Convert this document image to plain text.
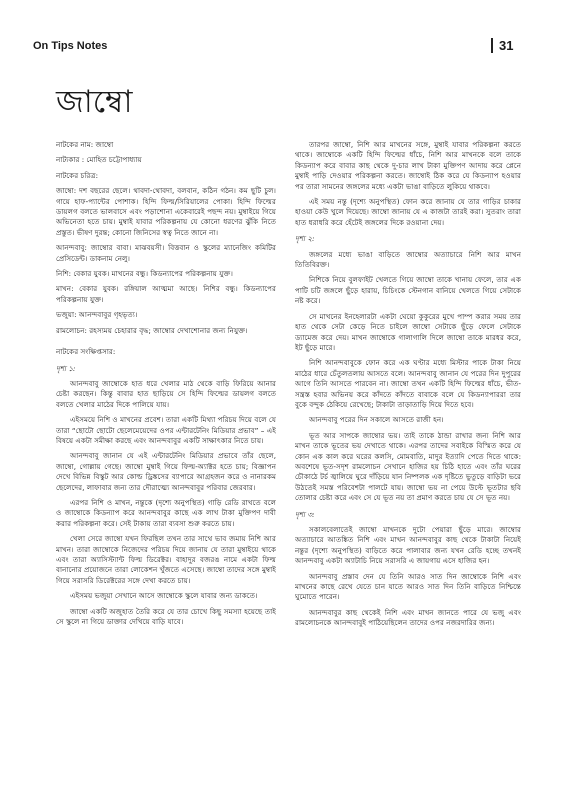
On Tips Notes	31
জাম্বো

নাটকের নাম: জাম্বো

নাট্যকার : মোহিত চট্টোপাধ্যায়

নাটকের চরিত্র:

জাম্বো: দশ বছরের ছেলে। থাবদা-থোবদা, বলবান, কঠিন গঠন। কম ছুটি চুল। গায়ে হাফ-প্যান্টের পোশাক। হিন্দি ফিল্ম/সিরিয়ালের পোকা। হিন্দি ফিল্মের ডায়লগ বলতে ভালবাসে এবং পড়াশোনা একেবারেই পছন্দ নয়। মুম্বাইয়ে গিয়ে অভিনেতা হতে চায়। মুম্বাই যাবার পরিকল্পনায় যে কোনো ধরণের ঝুঁকি নিতে প্রস্তুত। ভীষণ দুরন্ত; কোনো জিনিসের স্বত্ব নিতে জানে না।

আনন্দবাবু: জাম্বোর বাবা। মাঝবয়সী। বিত্তবান ও স্কুলের ম্যানেজিং কমিটির প্রেসিডেন্ট। ডাকনাম নেলু।

নিশি: বেকার যুবক। মাখনের বন্ধু। কিডন্যাপের পরিকল্পনায় যুক্ত।

মাখন: বেকার যুবক। রঙ্গিয়াল আত্মমা আছে। নিশির বন্ধু। কিডন্যাপের পরিকল্পনায় যুক্ত।

ভজুয়া: আনন্দবাবুর গৃহভৃত্য।

রামলোচন: রহস্যময় চেহারার বৃদ্ধ; জাম্বোর দেখাশোনার জন্য নিযুক্ত।

নাটকের সংক্ষিপ্তসার:

দৃশ্য ১:

আনন্দবাবু জাম্বোকে হাত ধরে খেলার মাঠ থেকে বাড়ি ফিরিয়ে আনার চেষ্টা করছেন। কিন্তু বাবার হাত ছাড়িয়ে সে হিন্দি ফিল্মের ডায়লগ বলতে বলতে খেলার মাঠের দিকে পালিয়ে যায়।

এইসময়ে নিশি ও মাখনের প্রবেশ। তারা একটি মিথ্যা পরিচয় দিয়ে বলে যে তারা “ছোটো ছোটো ছেলেমেয়েদের ওপর এন্টারটেনিং মিডিয়ার প্রভাব” – এই বিষয়ে একটা সমীক্ষা করছে এবং আনন্দবাবুর একটি সাক্ষাৎকার নিতে চায়।

আনন্দবাবু জানান যে এই এন্টারটেনিং মিডিয়ার প্রভাবে তাঁর ছেলে, জাম্বো, গোল্লায় গেছে। জাম্বো মুম্বাই গিয়ে ফিল্ম-অ্যাক্টর হতে চায়; বিজ্ঞাপন দেখে বিভিন্ন বিস্কুট আর কোল্ড ড্রিঙ্কসের ব্যাপারে আগ্রহজন করে ও নানারকম ছেলেদের, লাফাবার জন্য তার দৌরাত্ম্যে আনন্দবাবুর পরিবার জেরবার।

এরপর নিশি ও মাখন, নন্তুকে (দৃশ্যে অনুপস্থিত) গাড়ি রেডি রাখতে বলে ও জাম্বোকে কিডন্যাপ করে আনন্দবাবুর কাছে এক লাখ টাকা মুক্তিপণ দাবী করার পরিকল্পনা করে। সেই টাকায় তারা ব্যবসা শুরু করতে চায়।

খেলা সেরে জাম্বো যখন ফিরছিল তখন তার সাথে ভাব জমায় নিশি আর মাখন। তারা জাম্বোকে নিজেদের পরিচয় দিয়ে জানায় যে তারা মুম্বাইয়ে থাকে এবং তারা অ্যাসিস্ট্যান্ট ফিল্ম ডিরেক্টর। বাহাদুর বজরঙ নামে একটা ফিল্ম বানানোর প্রয়োজনে তারা লোকেশন খুঁজতে এসেছে। জাম্বো তাদের সঙ্গে মুম্বাই গিয়ে সরাসরি ডিরেক্টরের সঙ্গে দেখা করতে চায়।

এইসময় ভজুয়া সেখানে আসে জাম্বোকে স্কুলে যাবার জন্য ডাকতে।

জাম্বো একটি অজুহাত তৈরি করে যে তার চোখে কিছু সমস্যা হয়েছে তাই সে স্কুলে না গিয়ে ডাক্তার দেখিয়ে বাড়ি যাবে।

তারপর জাম্বো, নিশি আর মাখনের সঙ্গে, মুম্বাই যাবার পরিকল্পনা করতে থাকে। জাম্বোকে একটি হিন্দি ফিল্মের ধাঁচে, নিশি আর মাখনকে বলে তাকে কিডন্যাপ করে বাবার কাছ থেকে দু-চার লাখ টাকা মুক্তিপণ আদায় করে প্লেনে মুম্বাই পাড়ি দেওয়ার পরিকল্পনা করতে। জাম্বোই ঠিক করে যে কিডন্যাপ হওয়ার পর তারা সামনের জঙ্গলের মধ্যে একটা ভাঙা বাড়িতে লুকিয়ে থাকবে।

এই সময় নন্তু (দৃশ্যে অনুপস্থিত) ফোন করে জানায় যে তার গাড়ির চাকার হাওয়া কেউ খুলে দিয়েছে। জাম্বো জানায় যে এ কাজটা তারই করা। সুতরাং তারা হাত ধরাধরি করে হেঁটেই জঙ্গলের দিকে রওয়ানা দেয়।

দৃশ্য ২:

জঙ্গলের মধ্যে ভাঙা বাড়িতে জাম্বোর অত্যাচারে নিশি আর মাখন তিতিবিরক্ত।

নিশিকে নিয়ে বুলফাইট খেলতে গিয়ে জাম্বো তাকে খানায় ফেলে, তার এক পাটি চটি জঙ্গলে ছুঁড়ে হারায়, চিচিংকে স্টেনগান বানিয়ে খেলতে গিয়ে সেটাকে নষ্ট করে।

সে মাখনের ইনহেলারটা একটা ঘেয়ো কুকুরের মুখে পাম্প করার সময় তার হাত থেকে সেটা কেড়ে নিতে চাইলে জাম্বো সেটাকে ছুঁড়ে ফেলে সেটাকে ড্যামেজ করে দেয়। মাখন জাম্বোকে গালাগালি দিলে জাম্বো তাকে মারধর করে, ইট ছুঁড়ে মারে।

নিশি আনন্দবাবুকে ফোন করে এক ঘণ্টার মধ্যে মিস্টার পাকে টাকা নিয়ে মাঠের ধারে চেঁতুলতলায় আসতে বলে। আনন্দবাবু জানান যে পরের দিন দুপুরের আগে তিনি আসতে পারবেন না। জাম্বো তখন একটি হিন্দি ফিল্মের ধাঁচে, ভীত-সন্ত্রস্ত হবার অভিনয় করে কাঁদতে কাঁদতে বাবাকে বলে যে কিডন্যাপাররা তার বুকে বন্দুক ঠেকিয়ে রেখেছে; টাকাটা তাড়াতাড়ি দিয়ে দিতে হবে।

আনন্দবাবু পরের দিন সকালে আসতে রাজী হন।

ভূত আর সাপকে জাম্বোর ভয়। তাই তাকে ঠান্ডা রাখার জন্য নিশি আর মাখন তাকে ভূতের ভয় দেখাতে থাকে। এরপর তাদের সবাইকে বিস্মিত করে যে কোন এক কাল করে ঘরের কলসি, মোমবাতি, মাদুর ইত্যাদি পেতে দিতে থাকে: অবশেষে ভূত-সদৃশ রামলোচন সেখানে হাজির হয় চিঠি হাতে এবং তাঁর ঘরের চৌকাঠে টর্চ জ্বালিয়ে ঘুরে দাঁড়িয়ে যান নিষ্পলক এক দৃষ্টিতে ভুতুড়ে বাড়িটা ভরে উঠতেই সমস্ত পরিবেশটা পালটে যায়। জাম্বো ভয় না পেয়ে উল্টে ভূতটার ছবি তোলার চেষ্টা করে এবং সে যে ভূত নয় তা প্রমাণ করতে চায় যে সে ভূত নয়।

দৃশ্য ৩:

সকালবেলাতেই জাম্বো মাখনকে দুটো পেয়ারা ছুঁড়ে মারে। জাম্বোর অত্যাচারে আতঙ্কিত নিশি এবং মাখন আনন্দবাবুর কাছ থেকে টাকাটা নিয়েই নন্তুর (দৃশ্যে অনুপস্থিত) বাড়িতে করে পালাবার জন্য যখন রেডি হচ্ছে তখনই আনন্দবাবু একটা অ্যাটাচি নিয়ে সরাসরি এ জায়গায় এসে হাজির হন।

আনন্দবাবু প্রস্তাব দেন যে তিনি আরও সাত দিন জাম্বোকে নিশি এবং মাখনের কাছে রেখে যেতে চান যাতে আরও সাত দিন তিনি বাড়িতে নিশ্চিন্তে ঘুমোতে পারেন।

আনন্দবাবুর কাছ থেকেই নিশি এবং মাখন জানতে পারে যে ভজু এবং রামলোচনকে আনন্দবাবুই পাঠিয়েছিলেন তাদের ওপর নজরদারির জন্য।
